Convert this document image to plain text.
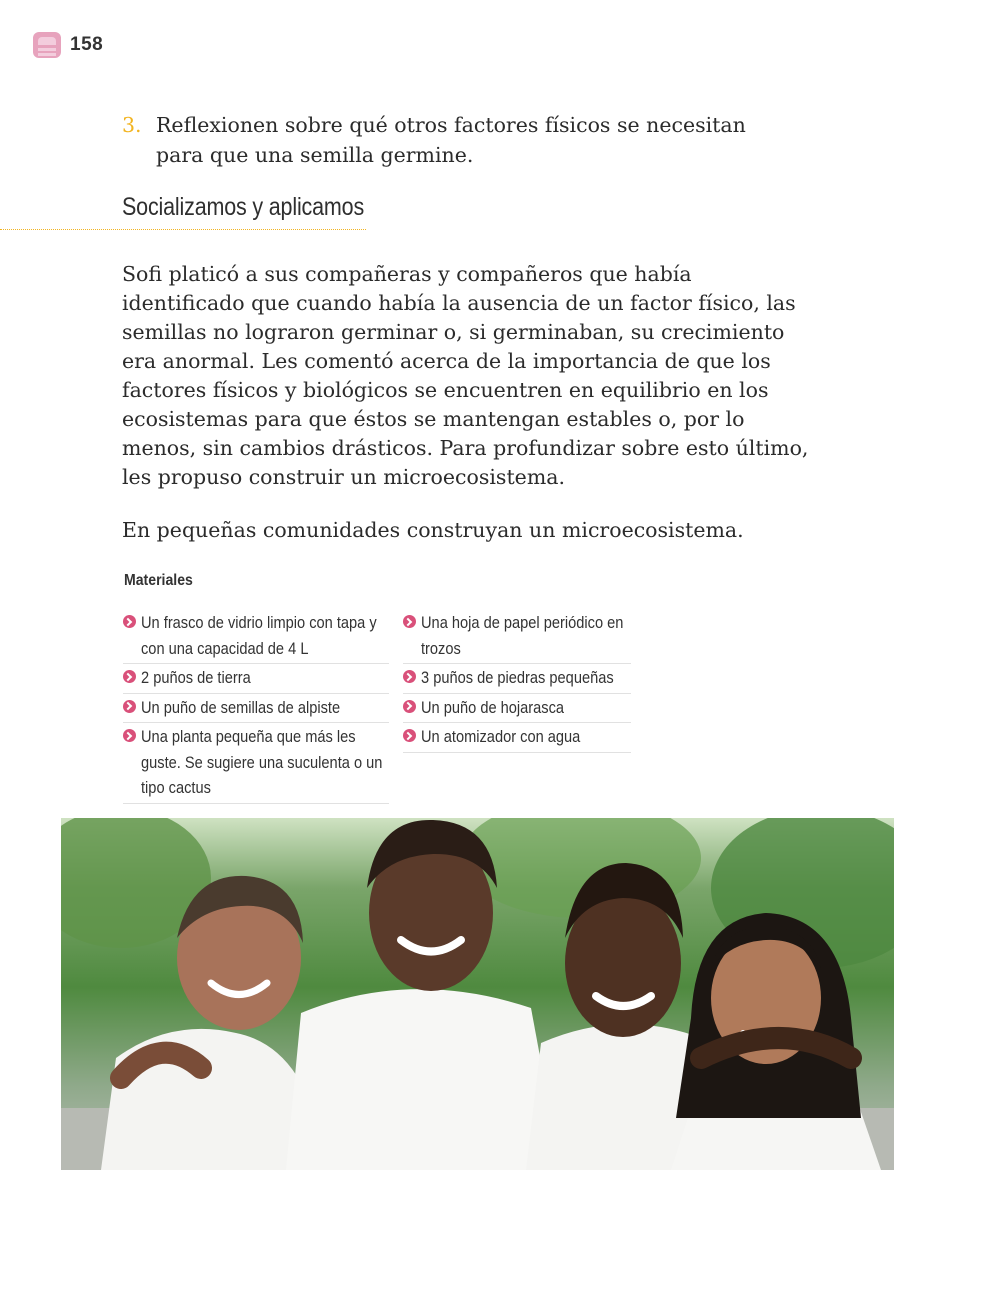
158
3. Reflexionen sobre qué otros factores físicos se necesitan para que una semilla germine.
Socializamos y aplicamos

Sofi platicó a sus compañeras y compañeros que había identificado que cuando había la ausencia de un factor físico, las semillas no lograron germinar o, si germinaban, su crecimiento era anormal. Les comentó acerca de la importancia de que los factores físicos y biológicos se encuentren en equilibrio en los ecosistemas para que éstos se mantengan estables o, por lo menos, sin cambios drásticos. Para profundizar sobre esto último, les propuso construir un microecosistema.

En pequeñas comunidades construyan un microecosistema.

Materiales
Un frasco de vidrio limpio con tapa y con una capacidad de 4 L
2 puños de tierra
Un puño de semillas de alpiste
Una planta pequeña que más les guste. Se sugiere una suculenta o un tipo cactus
Una hoja de papel periódico en trozos
3 puños de piedras pequeñas
Un puño de hojarasca
Un atomizador con agua
